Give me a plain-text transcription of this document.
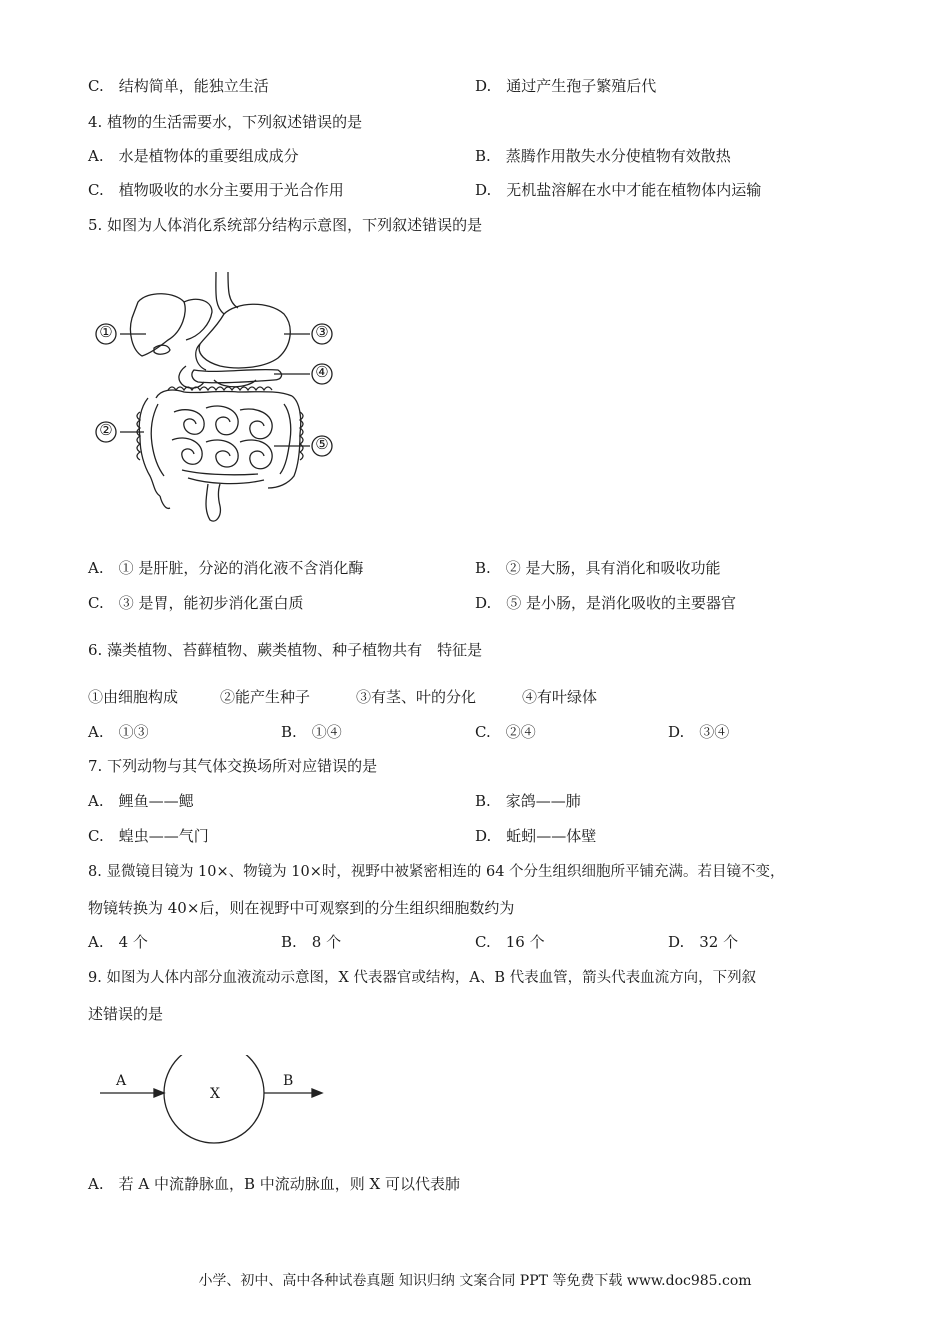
C.　结构简单，能独立生活	D.　通过产生孢子繁殖后代
4. 植物的生活需要水，下列叙述错误的是
A.　水是植物体的重要组成成分	B.　蒸腾作用散失水分使植物有效散热
C.　植物吸收的水分主要用于光合作用	D.　无机盐溶解在水中才能在植物体内运输
5. 如图为人体消化系统部分结构示意图，下列叙述错误的是
①
②
③
④
⑤
A.　① 是肝脏，分泌的消化液不含消化酶	B.　② 是大肠，具有消化和吸收功能
C.　③ 是胃，能初步消化蛋白质	D.　⑤ 是小肠，是消化吸收的主要器官
6. 藻类植物、苔藓植物、蕨类植物、种子植物共有　特征是
①由细胞构成	②能产生种子	③有茎、叶的分化	④有叶绿体
A.　①③	B.　①④	C.　②④	D.　③④
7. 下列动物与其气体交换场所对应错误的是
A.　鲤鱼——鳃	B.　家鸽——肺
C.　蝗虫——气门	D.　蚯蚓——体壁
8. 显微镜目镜为 10×、物镜为 10×时，视野中被紧密相连的 64 个分生组织细胞所平铺充满。若目镜不变，
物镜转换为 40×后，则在视野中可观察到的分生组织细胞数约为
A.　4 个	B.　8 个	C.　16 个	D.　32 个
9. 如图为人体内部分血液流动示意图，X 代表器官或结构，A、B 代表血管，箭头代表血流方向，下列叙
述错误的是
A	B
X
A.　若 A 中流静脉血，B 中流动脉血，则 X 可以代表肺
小学、初中、高中各种试卷真题 知识归纳 文案合同 PPT 等免费下载 www.doc985.com
